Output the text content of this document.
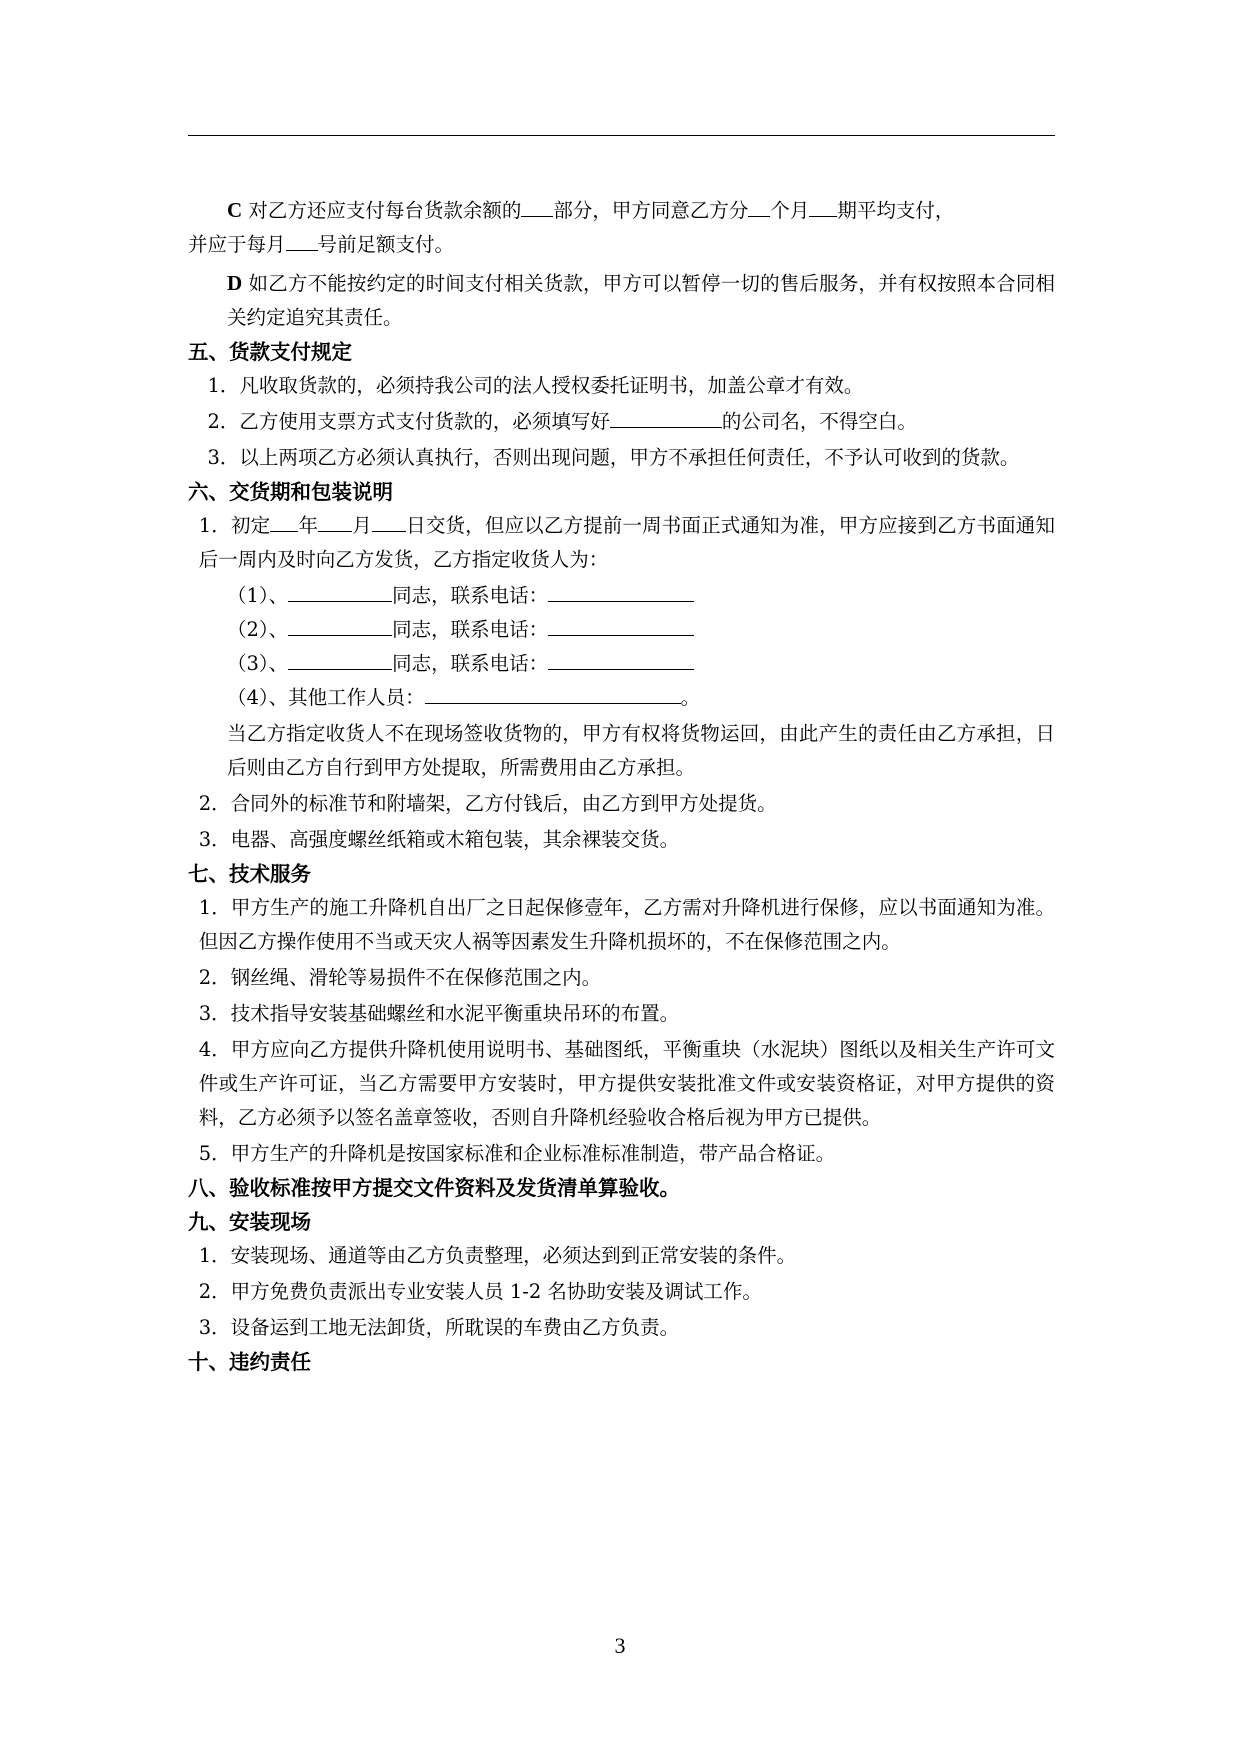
C 对乙方还应支付每台货款余额的 部分，甲方同意乙方分 个月 期平均支付，

并应于每月 号前足额支付。

D 如乙方不能按约定的时间支付相关货款，甲方可以暂停一切的售后服务，并有权按照本合同相关约定追究其责任。

五、货款支付规定

1．凡收取货款的，必须持我公司的法人授权委托证明书，加盖公章才有效。

2．乙方使用支票方式支付货款的，必须填写好	的公司名，不得空白。

3．以上两项乙方必须认真执行，否则出现问题，甲方不承担任何责任，不予认可收到的货款。

六、交货期和包装说明

1．初定 年 月 日交货，但应以乙方提前一周书面正式通知为准，甲方应接到乙方书面通知后一周内及时向乙方发货，乙方指定收货人为：

（1）、	同志，联系电话：

（2）、	同志，联系电话：

（3）、	同志，联系电话：

（4）、其他工作人员：	。

当乙方指定收货人不在现场签收货物的，甲方有权将货物运回，由此产生的责任由乙方承担，日后则由乙方自行到甲方处提取，所需费用由乙方承担。

2．合同外的标准节和附墙架，乙方付钱后，由乙方到甲方处提货。

3．电器、高强度螺丝纸箱或木箱包装，其余裸装交货。

七、技术服务

1．甲方生产的施工升降机自出厂之日起保修壹年，乙方需对升降机进行保修，应以书面通知为准。但因乙方操作使用不当或天灾人祸等因素发生升降机损坏的，不在保修范围之内。

2．钢丝绳、滑轮等易损件不在保修范围之内。

3．技术指导安装基础螺丝和水泥平衡重块吊环的布置。

4．甲方应向乙方提供升降机使用说明书、基础图纸，平衡重块（水泥块）图纸以及相关生产许可文件或生产许可证，当乙方需要甲方安装时，甲方提供安装批准文件或安装资格证，对甲方提供的资料，乙方必须予以签名盖章签收，否则自升降机经验收合格后视为甲方已提供。

5．甲方生产的升降机是按国家标准和企业标准标准制造，带产品合格证。

八、验收标准按甲方提交文件资料及发货清单算验收。

九、安装现场

1．安装现场、通道等由乙方负责整理，必须达到到正常安装的条件。

2．甲方免费负责派出专业安装人员 1-2 名协助安装及调试工作。

3．设备运到工地无法卸货，所耽误的车费由乙方负责。

十、违约责任

3
